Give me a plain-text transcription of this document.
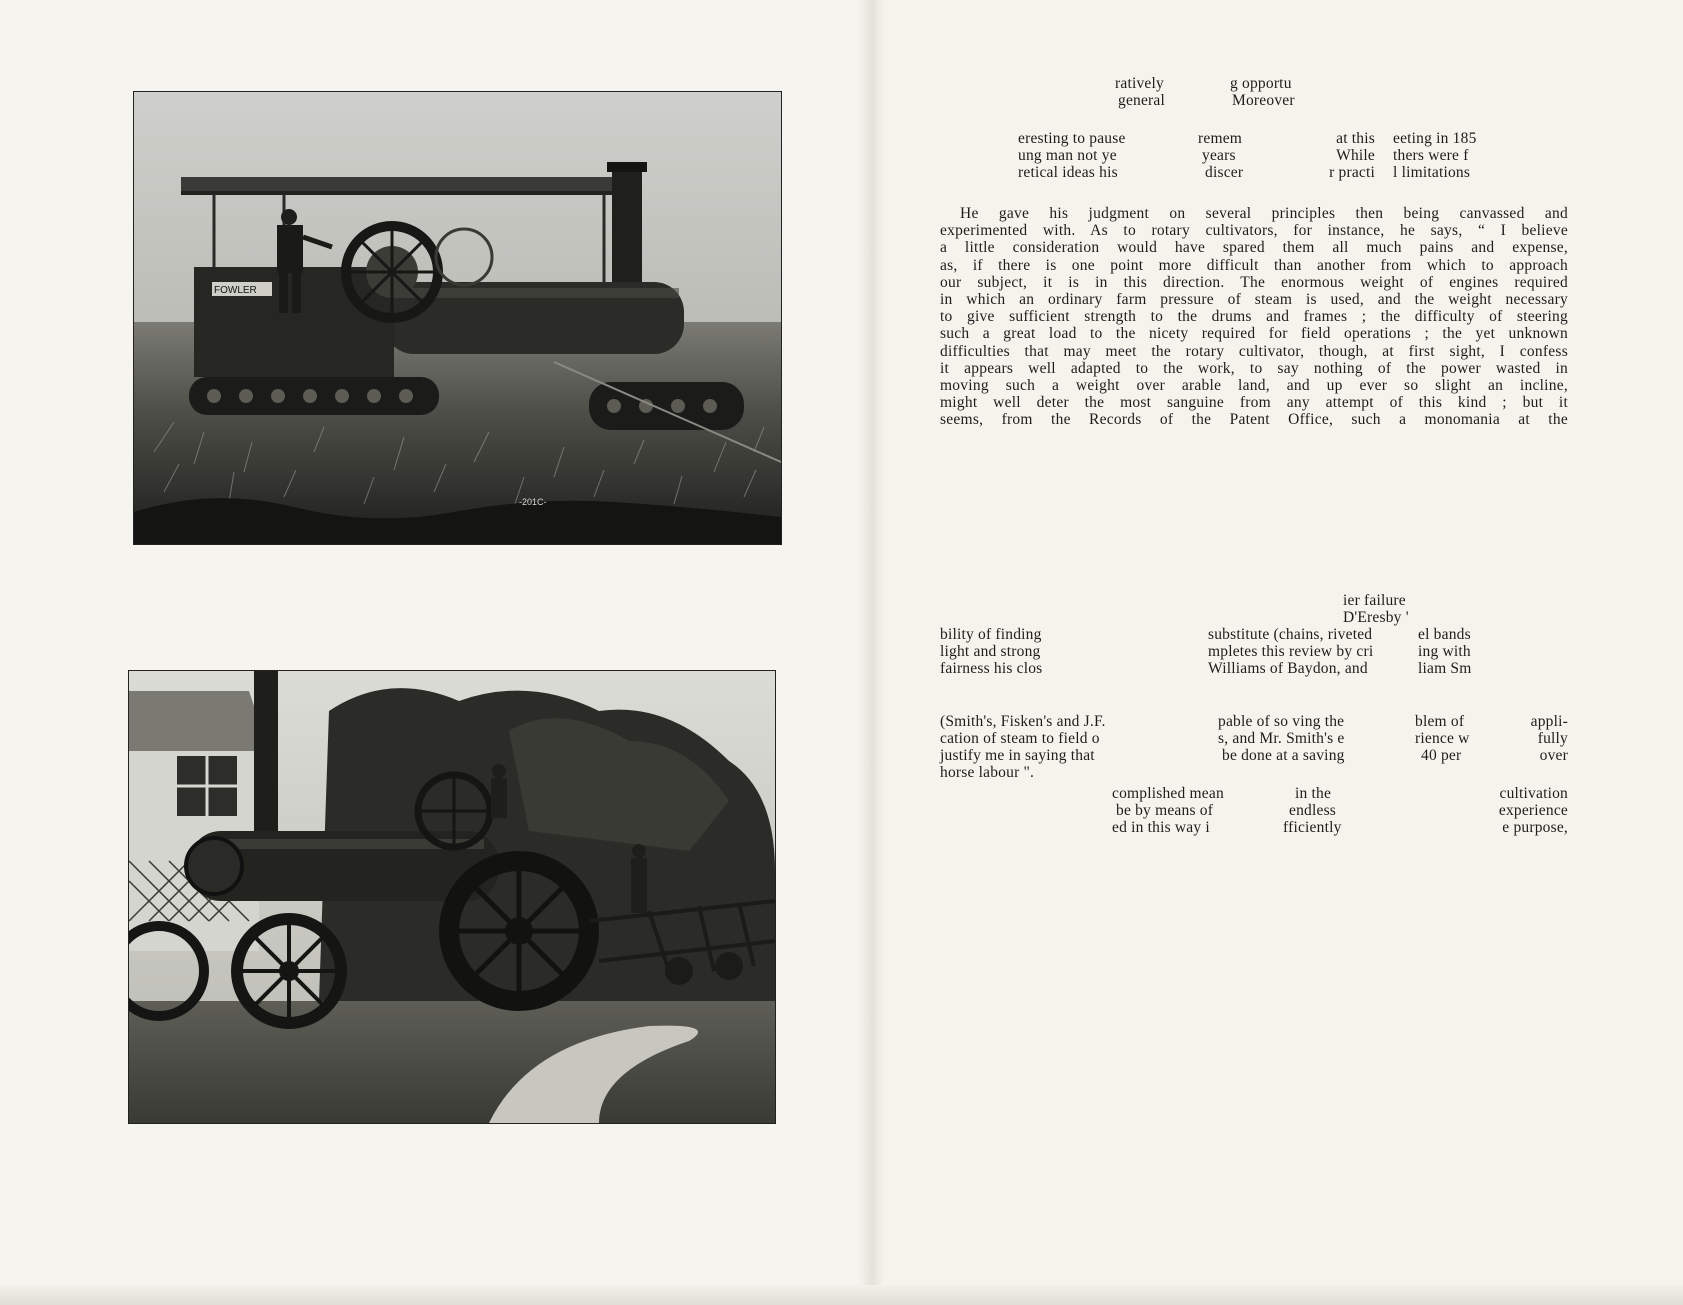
FOWLER
-201C-
ratively
general
g opportu
Moreover
eresting to pause
ung man not ye
retical ideas his
remem
years
discer
at this
While
r practi
eeting in 185
thers were f
l limitations
He gave his judgment on several principles then being canvassed and
experimented with. As to rotary cultivators, for instance, he says, “ I believe
a little consideration would have spared them all much pains and expense,
as, if there is one point more difficult than another from which to approach
our subject, it is in this direction. The enormous weight of engines required
in which an ordinary farm pressure of steam is used, and the weight necessary
to give sufficient strength to the drums and frames ; the difficulty of steering
such a great load to the nicety required for field operations ; the yet unknown
difficulties that may meet the rotary cultivator, though, at first sight, I confess
it appears well adapted to the work, to say nothing of the power wasted in
moving such a weight over arable land, and up ever so slight an incline,
might well deter the most sanguine from any attempt of this kind ; but it
seems, from the Records of the Patent Office, such a monomania at the
ier failure
D'Eresby '
bility of finding
light and strong
fairness his clos
substitute (chains, riveted
mpletes this review by cri
Williams of Baydon, and
el bands
ing with
liam Sm
(Smith's, Fisken's and J.F.
cation of steam to field o
justify me in saying that
horse labour ".
pable of so ving the
s, and Mr. Smith's e
be done at a saving
blem of
rience w
40 per
appli-
fully
over
complished mean
be by means of
ed in this way i
in the
endless
fficiently
cultivation
experience
e purpose,
